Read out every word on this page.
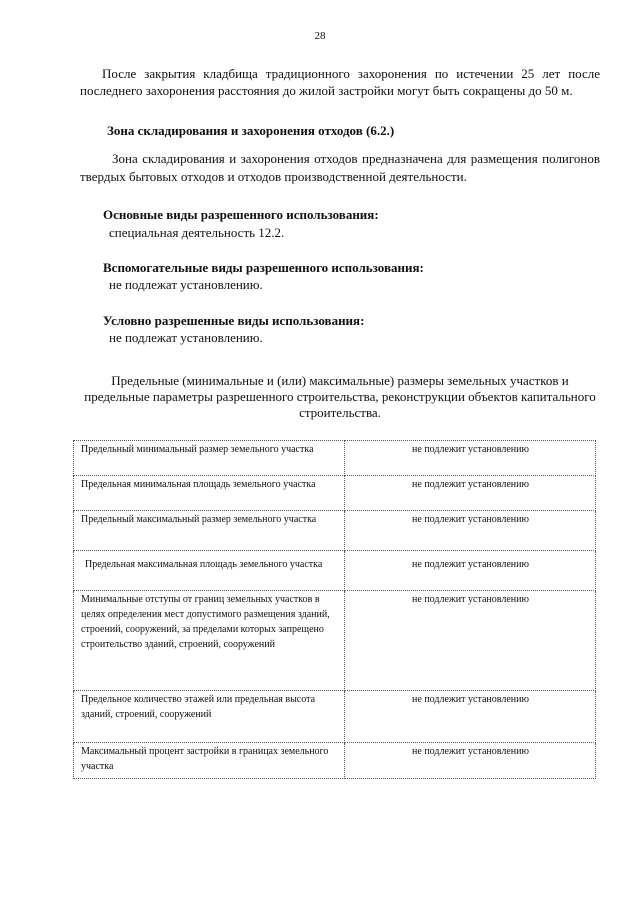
28

После закрытия кладбища традиционного захоронения по истечении 25 лет после последнего захоронения расстояния до жилой застройки могут быть сокращены до 50 м.

Зона складирования и захоронения отходов (6.2.)

Зона складирования и захоронения отходов предназначена для размещения полигонов твердых бытовых отходов и отходов производственной деятельности.

Основные виды разрешенного использования:

специальная деятельность 12.2.

Вспомогательные виды разрешенного использования:

не подлежат установлению.

Условно разрешенные виды использования:

не подлежат установлению.

Предельные (минимальные и (или) максимальные) размеры земельных участков и предельные параметры разрешенного строительства, реконструкции объектов капитального строительства.

Предельный минимальный размер земельного участка	не подлежит установлению
Предельная минимальная площадь земельного участка	не подлежит установлению
Предельный максимальный размер земельного участка	не подлежит установлению
Предельная максимальная площадь земельного участка	не подлежит установлению
Минимальные отступы от границ земельных участков в целях определения мест допустимого размещения зданий, строений, сооружений, за пределами которых запрещено строительство зданий, строений, сооружений	не подлежит установлению
Предельное количество этажей или предельная высота зданий, строений, сооружений	не подлежит установлению
Максимальный процент застройки в границах земельного участка	не подлежит установлению
